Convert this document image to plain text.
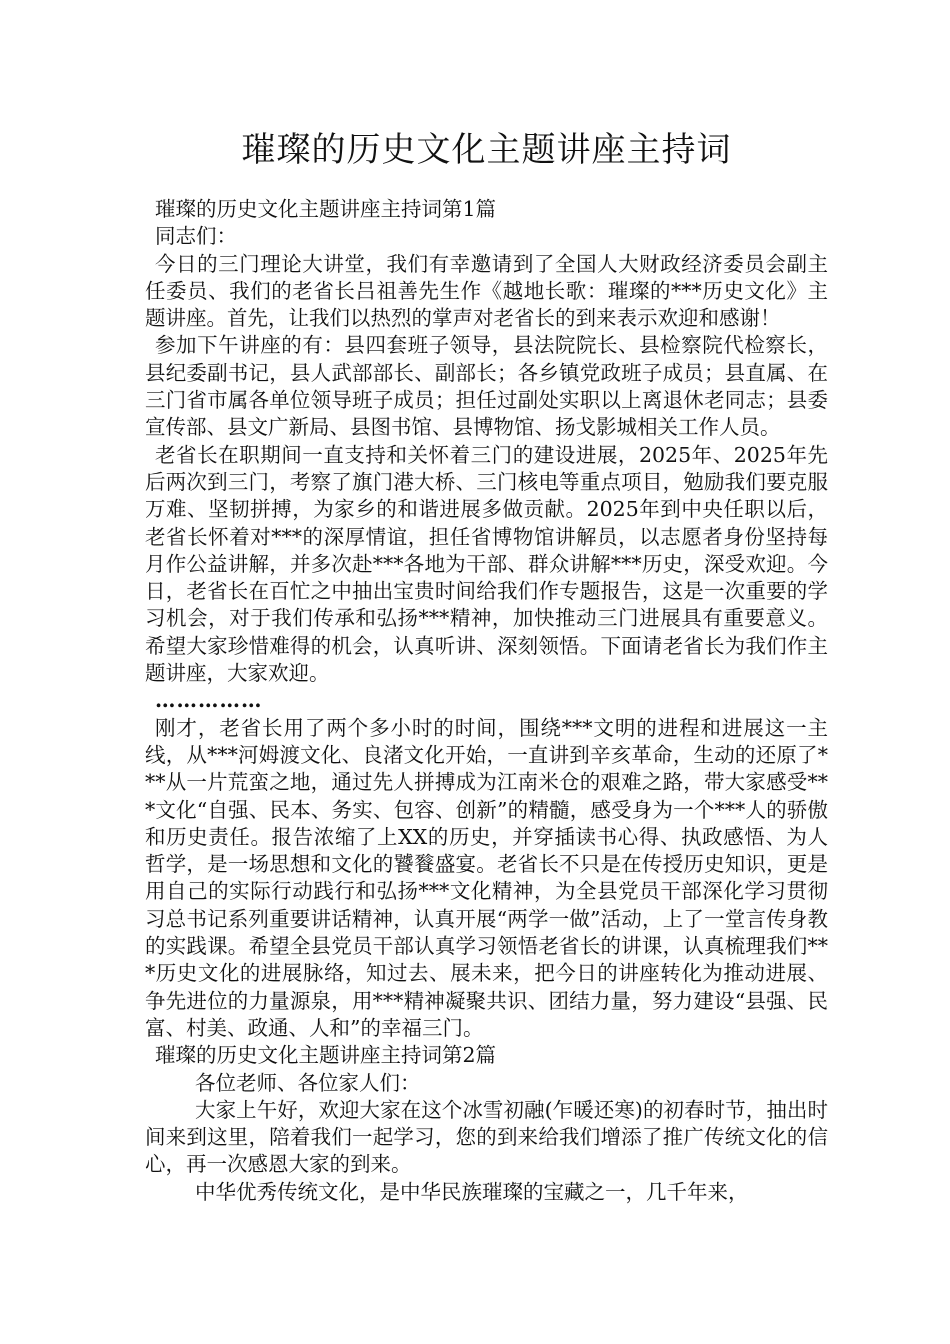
璀璨的历史文化主题讲座主持词

璀璨的历史文化主题讲座主持词第1篇

同志们：

今日的三门理论大讲堂，我们有幸邀请到了全国人大财政经济委员会副主任委员、我们的老省长吕祖善先生作《越地长歌：璀璨的***历史文化》主题讲座。首先，让我们以热烈的掌声对老省长的到来表示欢迎和感谢！

参加下午讲座的有：县四套班子领导，县法院院长、县检察院代检察长，县纪委副书记，县人武部部长、副部长；各乡镇党政班子成员；县直属、在三门省市属各单位领导班子成员；担任过副处实职以上离退休老同志；县委宣传部、县文广新局、县图书馆、县博物馆、扬戈影城相关工作人员。

老省长在职期间一直支持和关怀着三门的建设进展，2025年、2025年先后两次到三门，考察了旗门港大桥、三门核电等重点项目，勉励我们要克服万难、坚韧拼搏，为家乡的和谐进展多做贡献。2025年到中央任职以后，老省长怀着对***的深厚情谊，担任省博物馆讲解员，以志愿者身份坚持每月作公益讲解，并多次赴***各地为干部、群众讲解***历史，深受欢迎。今日，老省长在百忙之中抽出宝贵时间给我们作专题报告，这是一次重要的学习机会，对于我们传承和弘扬***精神，加快推动三门进展具有重要意义。希望大家珍惜难得的机会，认真听讲、深刻领悟。下面请老省长为我们作主题讲座，大家欢迎。

……………

刚才，老省长用了两个多小时的时间，围绕***文明的进程和进展这一主线，从***河姆渡文化、良渚文化开始，一直讲到辛亥革命，生动的还原了***从一片荒蛮之地，通过先人拼搏成为江南米仓的艰难之路，带大家感受***文化“自强、民本、务实、包容、创新”的精髓，感受身为一个***人的骄傲和历史责任。报告浓缩了上XX的历史，并穿插读书心得、执政感悟、为人哲学，是一场思想和文化的饕餮盛宴。老省长不只是在传授历史知识，更是用自己的实际行动践行和弘扬***文化精神，为全县党员干部深化学习贯彻习总书记系列重要讲话精神，认真开展“两学一做”活动，上了一堂言传身教的实践课。希望全县党员干部认真学习领悟老省长的讲课，认真梳理我们***历史文化的进展脉络，知过去、展未来，把今日的讲座转化为推动进展、争先进位的力量源泉，用***精神凝聚共识、团结力量，努力建设“县强、民富、村美、政通、人和”的幸福三门。

璀璨的历史文化主题讲座主持词第2篇

各位老师、各位家人们：

大家上午好，欢迎大家在这个冰雪初融(乍暖还寒)的初春时节，抽出时间来到这里，陪着我们一起学习，您的到来给我们增添了推广传统文化的信心，再一次感恩大家的到来。

中华优秀传统文化，是中华民族璀璨的宝藏之一，几千年来，
